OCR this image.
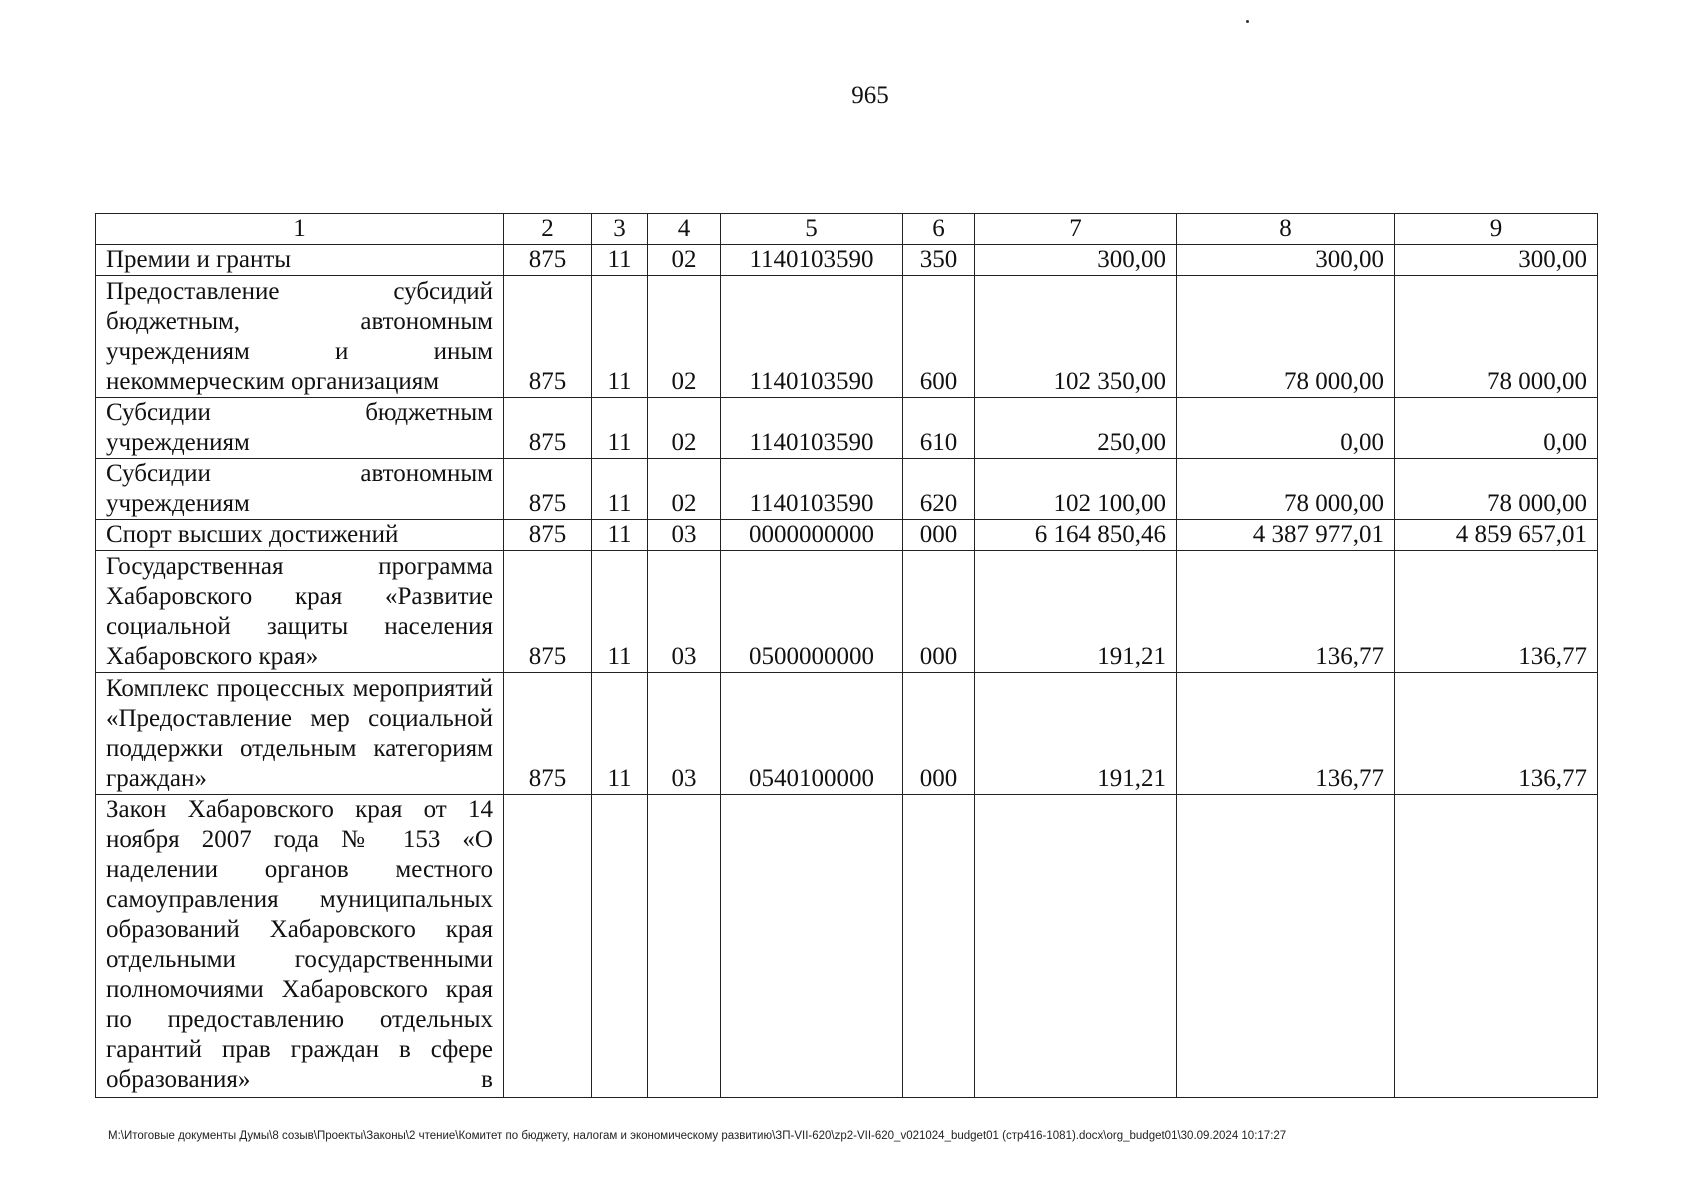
965
1	2	3	4	5	6	7	8	9
Премии и гранты	875	11	02	1140103590	350	300,00	300,00	300,00
Предоставление субсидий бюджетным, автономным учреждениям и иным некоммерческим организациям	875	11	02	1140103590	600	102 350,00	78 000,00	78 000,00
Субсидии бюджетным учреждениям	875	11	02	1140103590	610	250,00	0,00	0,00
Субсидии автономным учреждениям	875	11	02	1140103590	620	102 100,00	78 000,00	78 000,00
Спорт высших достижений	875	11	03	0000000000	000	6 164 850,46	4 387 977,01	4 859 657,01
Государственная программа Хабаровского края «Развитие социальной защиты населения Хабаровского края»	875	11	03	0500000000	000	191,21	136,77	136,77
Комплекс процессных мероприятий «Предоставление мер социальной поддержки отдельным категориям граждан»	875	11	03	0540100000	000	191,21	136,77	136,77
Закон Хабаровского края от 14 ноября 2007 года № 153 «О наделении органов местного самоуправления муниципальных образований Хабаровского края отдельными государственными полномочиями Хабаровского края по предоставлению отдельных гарантий прав граждан в сфере образования» в								
M:\Итоговые документы Думы\8 созыв\Проекты\Законы\2 чтение\Комитет по бюджету, налогам и экономическому развитию\ЗП-VII-620\zp2-VII-620_v021024_budget01 (стр416-1081).docx\org_budget01\30.09.2024 10:17:27
